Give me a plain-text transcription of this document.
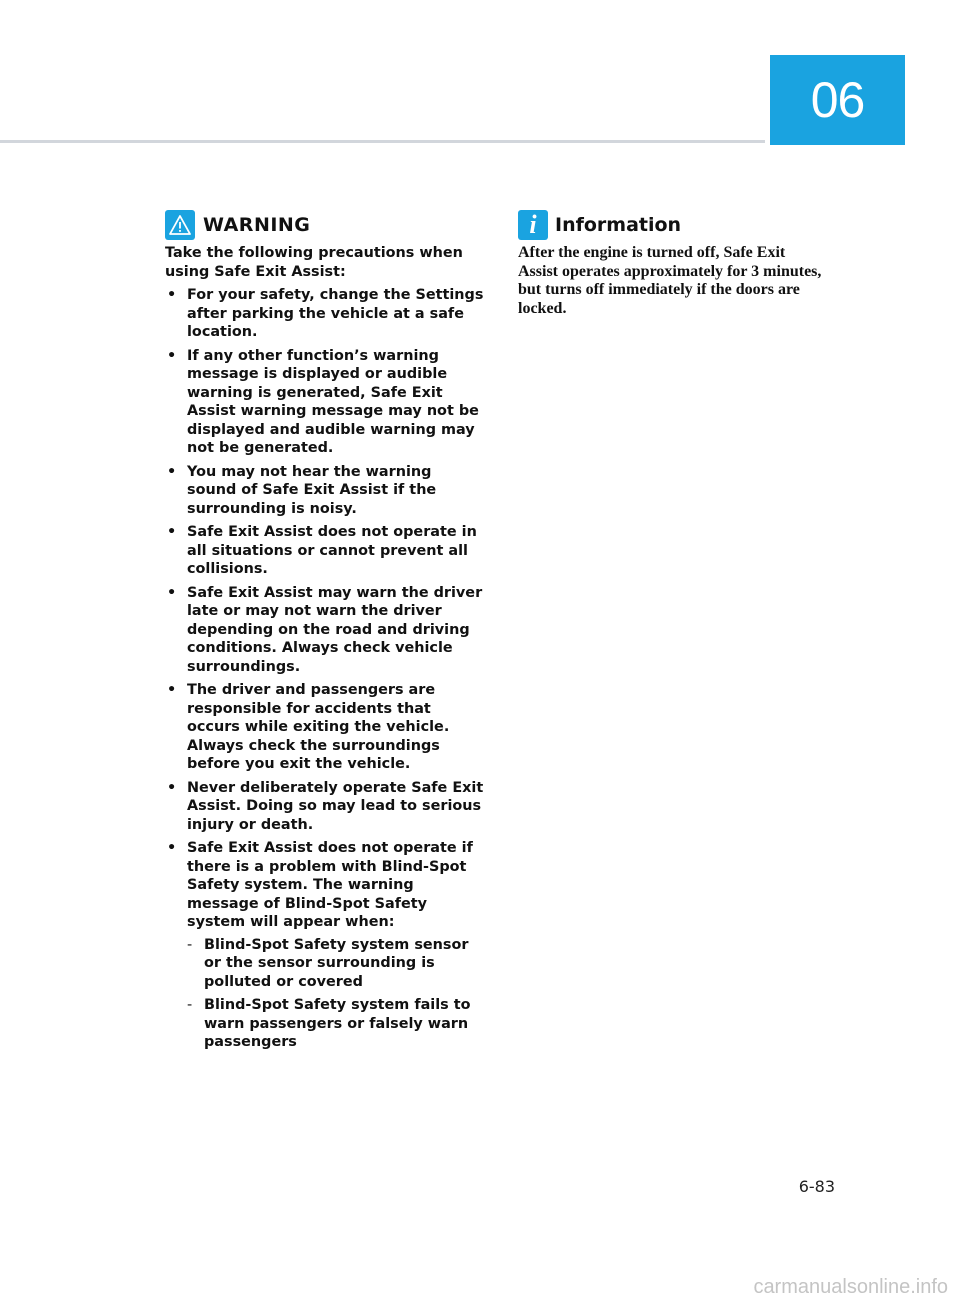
06
WARNING
Take the following precautions when using Safe Exit Assist:
• For your safety, change the Settings after parking the vehicle at a safe location.
• If any other function’s warning message is displayed or audible warning is generated, Safe Exit Assist warning message may not be displayed and audible warning may not be generated.
• You may not hear the warning sound of Safe Exit Assist if the surrounding is noisy.
• Safe Exit Assist does not operate in all situations or cannot prevent all collisions.
• Safe Exit Assist may warn the driver late or may not warn the driver depending on the road and driving conditions. Always check vehicle surroundings.
• The driver and passengers are responsible for accidents that occurs while exiting the vehicle. Always check the surroundings before you exit the vehicle.
• Never deliberately operate Safe Exit Assist. Doing so may lead to serious injury or death.
• Safe Exit Assist does not operate if there is a problem with Blind-Spot Safety system. The warning message of Blind-Spot Safety system will appear when:
- Blind-Spot Safety system sensor or the sensor surrounding is polluted or covered
- Blind-Spot Safety system fails to warn passengers or falsely warn passengers
i Information
After the engine is turned off, Safe Exit Assist operates approximately for 3 minutes, but turns off immediately if the doors are locked.
6-83
carmanualsonline.info
